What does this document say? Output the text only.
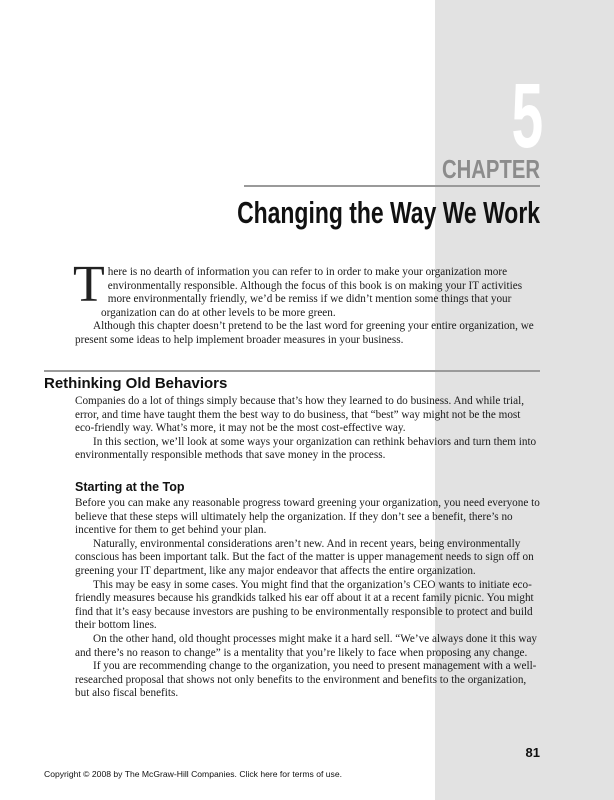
5
CHAPTER
Changing the Way We Work
T here is no dearth of information you can refer to in order to make your organization more environmentally responsible. Although the focus of this book is on making your IT activities more environmentally friendly, we’d be remiss if we didn’t mention some things that your organization can do at other levels to be more green.

Although this chapter doesn’t pretend to be the last word for greening your entire organization, we present some ideas to help implement broader measures in your business.

Rethinking Old Behaviors

Companies do a lot of things simply because that’s how they learned to do business. And while trial, error, and time have taught them the best way to do business, that “best” way might not be the most eco-friendly way. What’s more, it may not be the most cost-effective way.

In this section, we’ll look at some ways your organization can rethink behaviors and turn them into environmentally responsible methods that save money in the process.

Starting at the Top

Before you can make any reasonable progress toward greening your organization, you need everyone to believe that these steps will ultimately help the organization. If they don’t see a benefit, there’s no incentive for them to get behind your plan.

Naturally, environmental considerations aren’t new. And in recent years, being environmentally conscious has been important talk. But the fact of the matter is upper management needs to sign off on greening your IT department, like any major endeavor that affects the entire organization.

This may be easy in some cases. You might find that the organization’s CEO wants to initiate eco-friendly measures because his grandkids talked his ear off about it at a recent family picnic. You might find that it’s easy because investors are pushing to be environmentally responsible to protect and build their bottom lines.

On the other hand, old thought processes might make it a hard sell. “We’ve always done it this way and there’s no reason to change” is a mentality that you’re likely to face when proposing any change.

If you are recommending change to the organization, you need to present management with a well-researched proposal that shows not only benefits to the environment and benefits to the organization, but also fiscal benefits.

81
Copyright © 2008 by The McGraw-Hill Companies. Click here for terms of use.
